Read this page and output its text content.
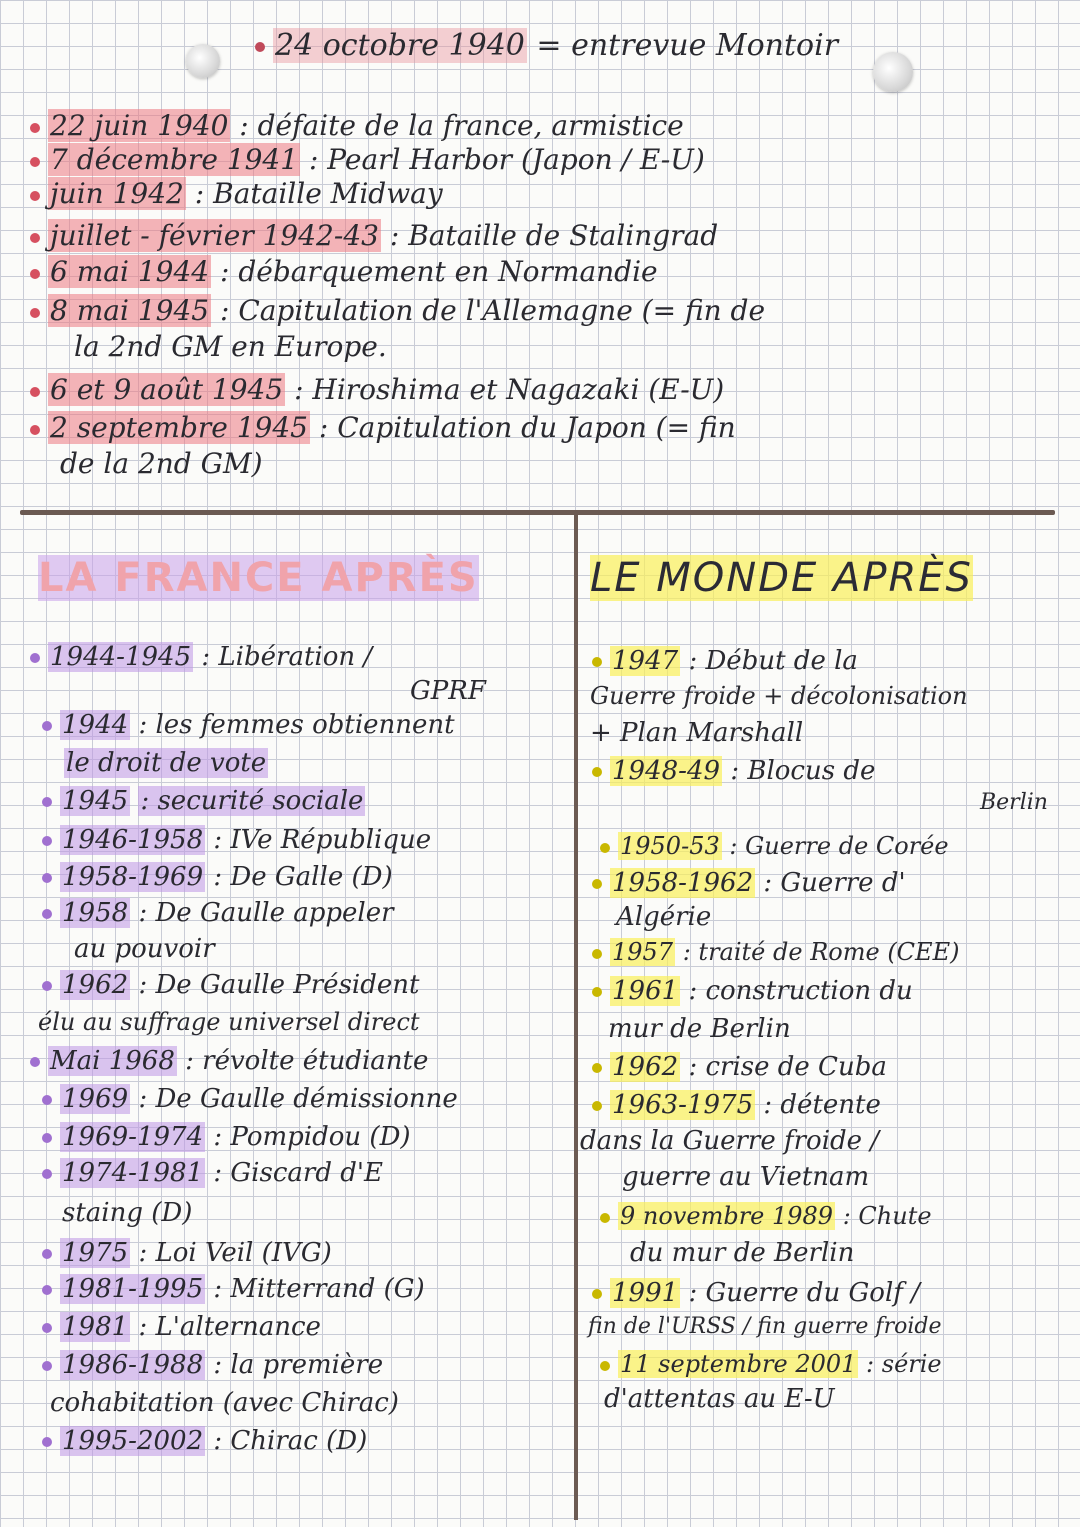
24 octobre 1940 = entrevue Montoir
22 juin 1940 : défaite de la france, armistice
7 décembre 1941 : Pearl Harbor (Japon / E-U)
juin 1942 : Bataille Midway
juillet - février 1942-43 : Bataille de Stalingrad
6 mai 1944 : débarquement en Normandie
8 mai 1945 : Capitulation de l'Allemagne (= fin de
la 2nd GM en Europe.
6 et 9 août 1945 : Hiroshima et Nagazaki (E-U)
2 septembre 1945 : Capitulation du Japon (= fin
de la 2nd GM)
LA FRANCE APRÈS	LE MONDE APRÈS
1944-1945 : Libération /
GPRF
1944 : les femmes obtiennent
le droit de vote
1945 : securité sociale
1946-1958 : IVe République
1958-1969 : De Galle (D)
1958 : De Gaulle appeler
au pouvoir
1962 : De Gaulle Président
élu au suffrage universel direct
Mai 1968 : révolte étudiante
1969 : De Gaulle démissionne
1969-1974 : Pompidou (D)
1974-1981 : Giscard d'E
staing (D)
1975 : Loi Veil (IVG)
1981-1995 : Mitterrand (G)
1981 : L'alternance
1986-1988 : la première
cohabitation (avec Chirac)
1995-2002 : Chirac (D)
1947 : Début de la
Guerre froide + décolonisation
+ Plan Marshall
1948-49 : Blocus de
Berlin
1950-53 : Guerre de Corée
1958-1962 : Guerre d'
Algérie
1957 : traité de Rome (CEE)
1961 : construction du
mur de Berlin
1962 : crise de Cuba
1963-1975 : détente
dans la Guerre froide /
guerre au Vietnam
9 novembre 1989 : Chute
du mur de Berlin
1991 : Guerre du Golf /
fin de l'URSS / fin guerre froide
11 septembre 2001 : série
d'attentas au E-U
